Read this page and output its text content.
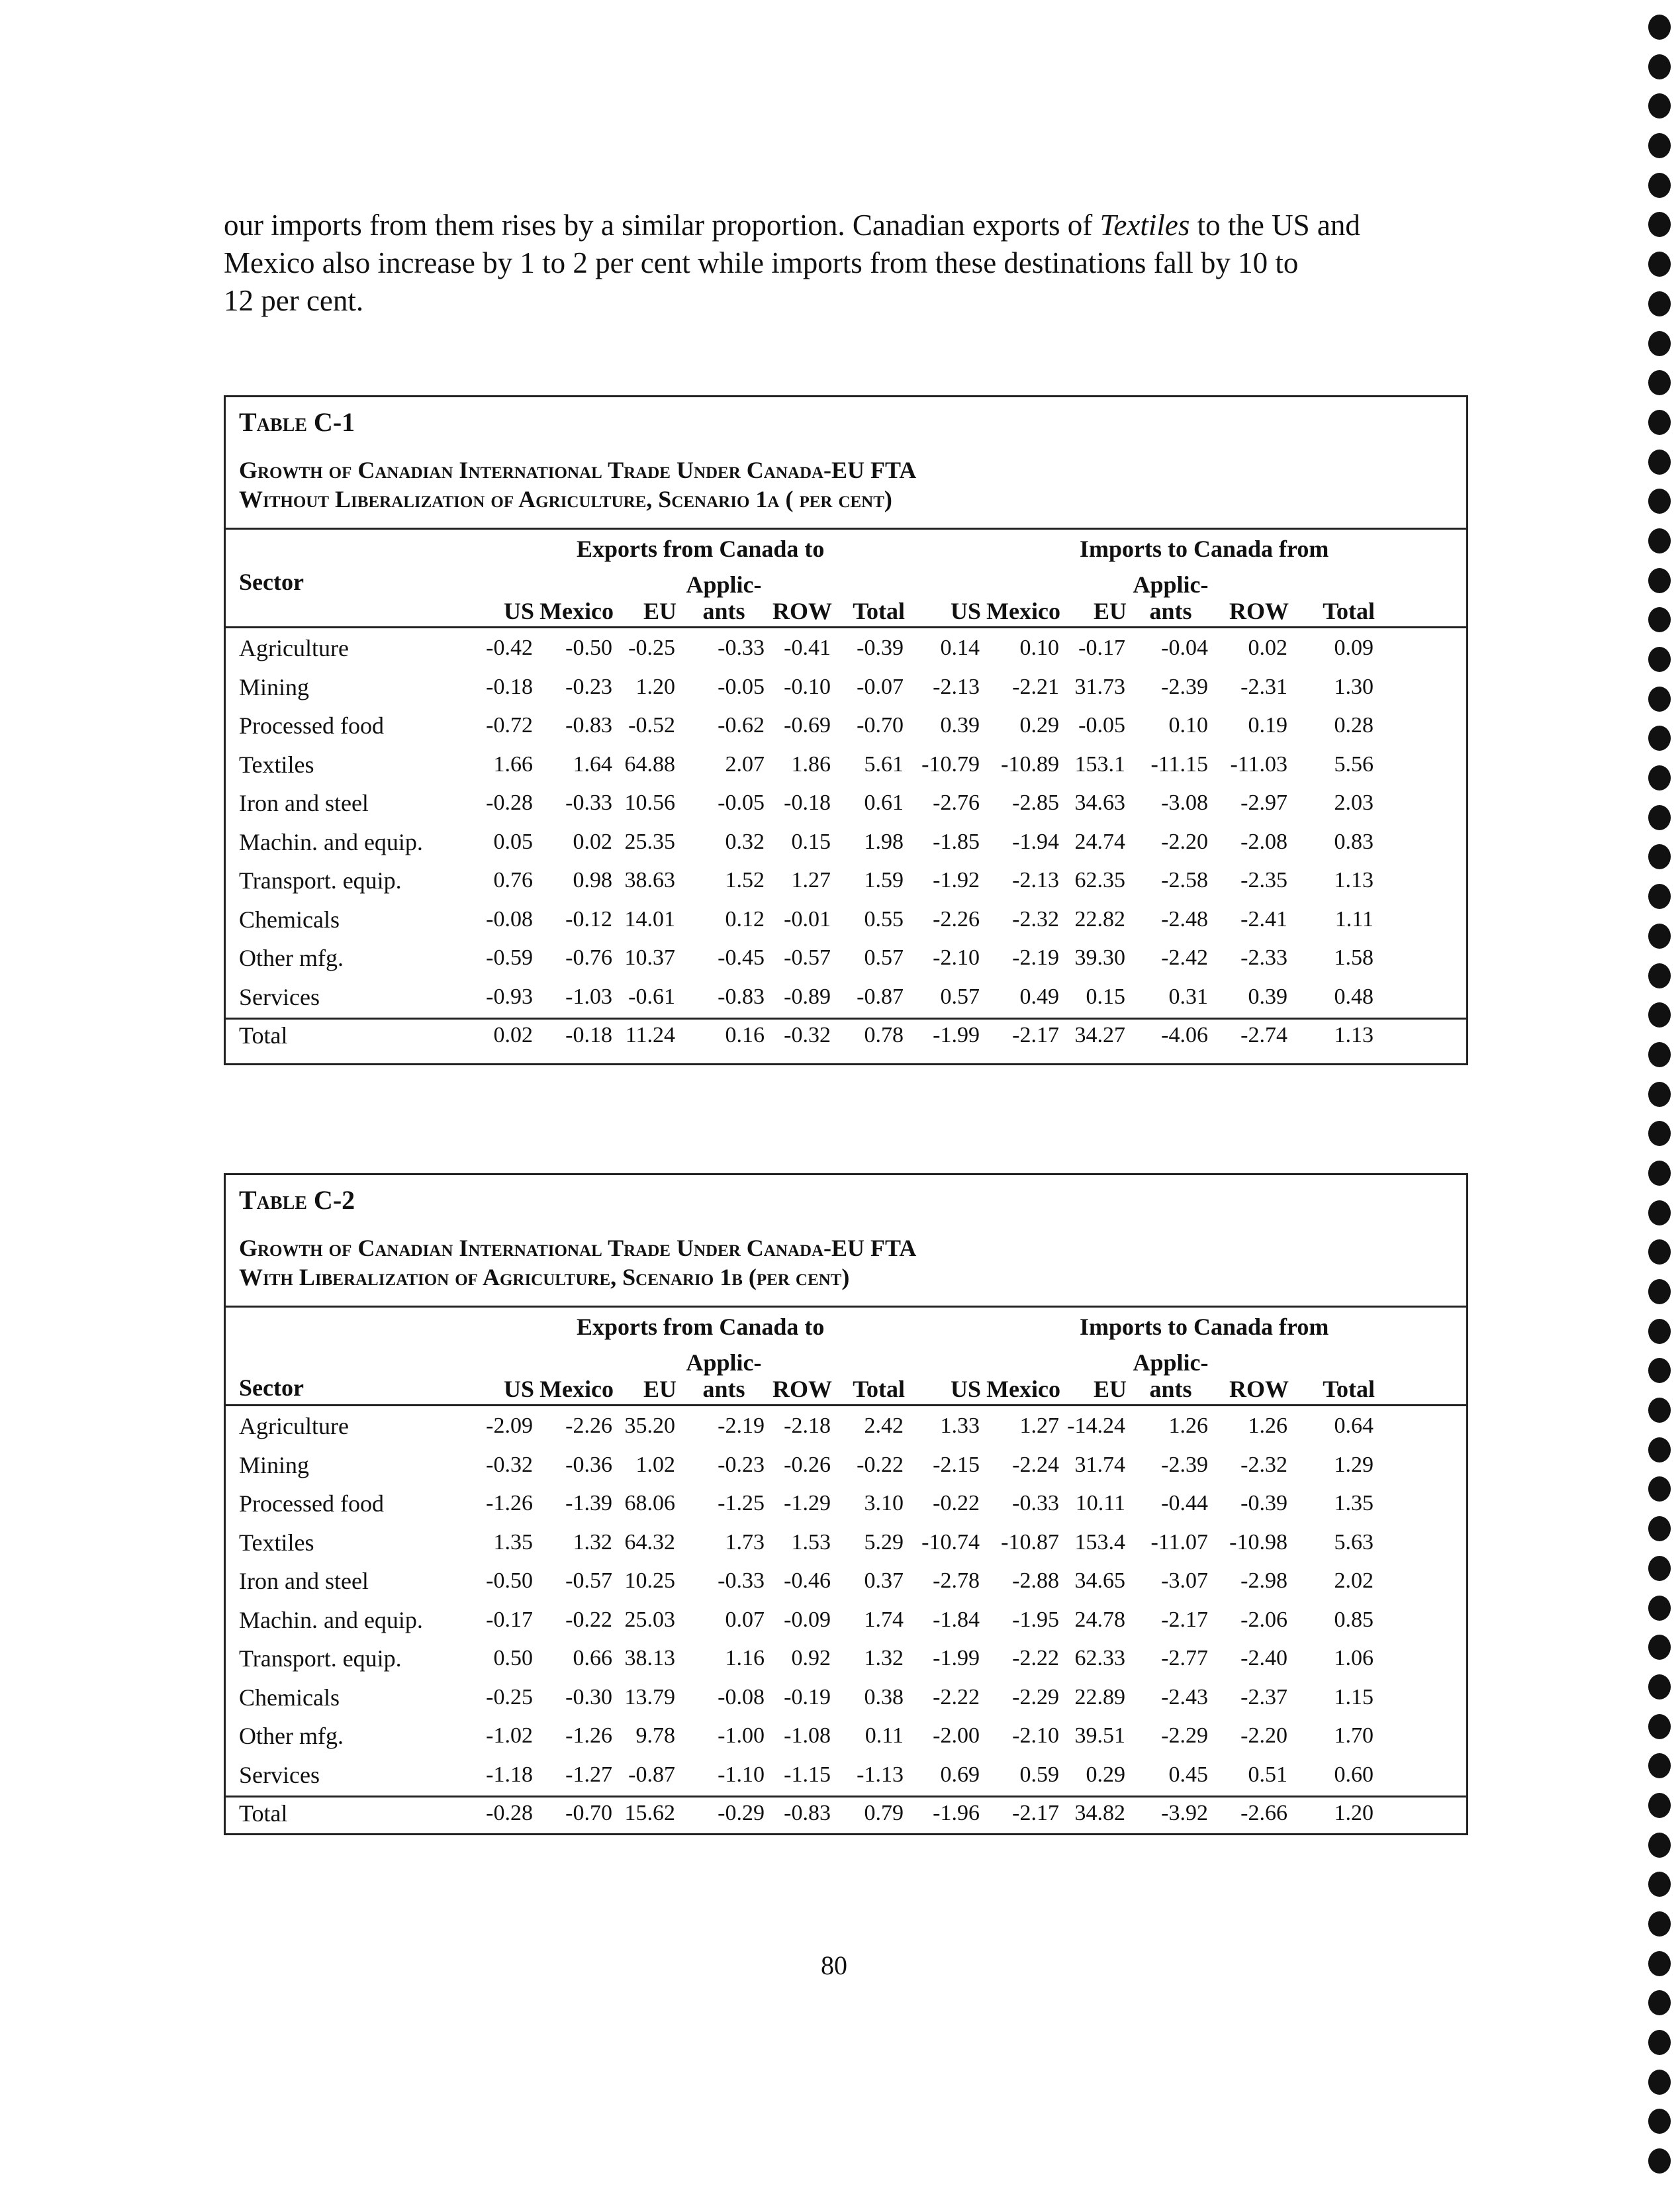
our imports from them rises by a similar proportion. Canadian exports of Textiles to the US and
Mexico also increase by 1 to 2 per cent while imports from these destinations fall by 10 to
12 per cent.
Table C-1
Growth of Canadian International Trade Under Canada-EU FTA
Without Liberalization of Agriculture, Scenario 1a ( per cent)
Exports from Canada to	Imports to Canada from
Sector
US Mexico	EU
Applic-
ants	ROW Total	US Mexico	EU
Applic-
ants	ROW	Total
Agriculture	-0.42	-0.50	-0.25	-0.33	-0.41	-0.39	0.14	0.10	-0.17	-0.04	0.02	0.09
Mining	-0.18	-0.23	1.20	-0.05	-0.10	-0.07	-2.13	-2.21	31.73	-2.39	-2.31	1.30
Processed food	-0.72	-0.83	-0.52	-0.62	-0.69	-0.70	0.39	0.29	-0.05	0.10	0.19	0.28
Textiles	1.66	1.64	64.88	2.07	1.86	5.61	-10.79	-10.89	153.1	-11.15	-11.03	5.56
Iron and steel	-0.28	-0.33	10.56	-0.05	-0.18	0.61	-2.76	-2.85	34.63	-3.08	-2.97	2.03
Machin. and equip.	0.05	0.02	25.35	0.32	0.15	1.98	-1.85	-1.94	24.74	-2.20	-2.08	0.83
Transport. equip.	0.76	0.98	38.63	1.52	1.27	1.59	-1.92	-2.13	62.35	-2.58	-2.35	1.13
Chemicals	-0.08	-0.12	14.01	0.12	-0.01	0.55	-2.26	-2.32	22.82	-2.48	-2.41	1.11
Other mfg.	-0.59	-0.76	10.37	-0.45	-0.57	0.57	-2.10	-2.19	39.30	-2.42	-2.33	1.58
Services	-0.93	-1.03	-0.61	-0.83	-0.89	-0.87	0.57	0.49	0.15	0.31	0.39	0.48
Total	0.02	-0.18	11.24	0.16	-0.32	0.78	-1.99	-2.17	34.27	-4.06	-2.74	1.13
Table C-2
Growth of Canadian International Trade Under Canada-EU FTA
With Liberalization of Agriculture, Scenario 1b (per cent)
Exports from Canada to	Imports to Canada from
Sector	US Mexico	EU
Applic-
ants	ROW Total	US Mexico	EU
Applic-
ants	ROW	Total
Agriculture	-2.09	-2.26	35.20	-2.19	-2.18	2.42	1.33	1.27	-14.24	1.26	1.26	0.64
Mining	-0.32	-0.36	1.02	-0.23	-0.26	-0.22	-2.15	-2.24	31.74	-2.39	-2.32	1.29
Processed food	-1.26	-1.39	68.06	-1.25	-1.29	3.10	-0.22	-0.33	10.11	-0.44	-0.39	1.35
Textiles	1.35	1.32	64.32	1.73	1.53	5.29	-10.74	-10.87	153.4	-11.07	-10.98	5.63
Iron and steel	-0.50	-0.57	10.25	-0.33	-0.46	0.37	-2.78	-2.88	34.65	-3.07	-2.98	2.02
Machin. and equip.	-0.17	-0.22	25.03	0.07	-0.09	1.74	-1.84	-1.95	24.78	-2.17	-2.06	0.85
Transport. equip.	0.50	0.66	38.13	1.16	0.92	1.32	-1.99	-2.22	62.33	-2.77	-2.40	1.06
Chemicals	-0.25	-0.30	13.79	-0.08	-0.19	0.38	-2.22	-2.29	22.89	-2.43	-2.37	1.15
Other mfg.	-1.02	-1.26	9.78	-1.00	-1.08	0.11	-2.00	-2.10	39.51	-2.29	-2.20	1.70
Services	-1.18	-1.27	-0.87	-1.10	-1.15	-1.13	0.69	0.59	0.29	0.45	0.51	0.60
Total	-0.28	-0.70	15.62	-0.29	-0.83	0.79	-1.96	-2.17	34.82	-3.92	-2.66	1.20
80
